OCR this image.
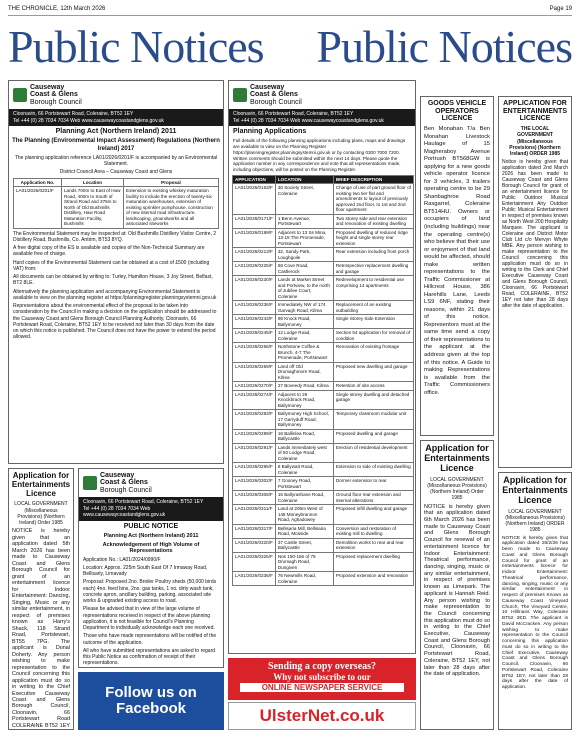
THE CHRONICLE, 12th March 2026	Page 19
Public Notices Public Notices
Causeway
Coast & Glens
Borough Council
Cloonavin, 66 Portstewart Road, Coleraine, BT52 1EY
Tel +44 (0) 28 7034 7034 Web www.causewaycoastandglens.gov.uk
Planning Act (Northern Ireland) 2011
The Planning (Environmental Impact Assessment) Regulations (Northern Ireland) 2017
The planning application reference LA01/2026/0201/F is accompanied by an Environmental Statement.
District Council Area – Causeway Coast and Glens
Application No.	Location	Proposal
LA01/2026/0201/F	Lands 700m to East of Haw Road, 400m to South of Strand Road and 375m to North of Old Bushmills Distillery, Haw Road Maturation Facility, Bushmills	Extension to existing whiskey maturation facility to include the erection of twenty-six maturation warehouses, extension of existing sprinkler pumphouse, construction of new internal road infrastructure, landscaping, groundworks and all associated siteworks
The Environmental Statement may be inspected at: Old Bushmills Distillery Visitor Centre, 2 Distillery Road, Bushmills, Co. Antrim, BT53 8YQ.
A free digital copy of the ES is available and copies of the Non-Technical Summary are available free of charge.
Hard copies of the Environmental Statement can be obtained at a cost of £500 (including VAT) from:
All documents can be obtained by writing to: Turley, Hamilton House, 3 Joy Street, Belfast, BT2 8LE.
Alternatively the planning application and accompanying Environmental Statement is available to view on the planning register at https://planningregister.planningsystemni.gov.uk
Representations about the environmental effect of the proposal to be taken into consideration by the Council in making a decision on the application should be addressed to the Causeway Coast and Glens Borough Council Planning Authority, Cloonavin, 66 Portstewart Road, Coleraine, BT52 1EY to be received not later than 30 days from the date on which this notice is published. The Council does not have the power to extend the period allowed.
Causeway
Coast & Glens
Borough Council
Cloonavin, 66 Portstewart Road, Coleraine, BT52 1EY
Tel +44 (0) 28 7034 7034 Web www.causewaycoastandglens.gov.uk
Planning Applications
Full details of the following planning applications including plans, maps and drawings are available to view on the Planning Register https://planningregister.planningsystemni.gov.uk or by contacting 0300 7000 7200. Written comments should be submitted within the next 14 days. Please quote the application number in any correspondence and note that all representations made, including objections, will be posted on the Planning Register.
APPLICATION	LOCATION	BRIEF DESCRIPTION
LA01/2026/0163/F	30 Society Street, Coleraine	Change of use of part ground floor of existing two tier flat and amendments to layout of previously approved 2nd floor, to 1st and 2nd floor apartment
LA01/2026/0171/F	1 Benn Avenue, Portstewart	Two storey side and rear extension and renovation of existing dwelling
LA01/2026/0199/F	Adjacent to 13 Ss Mina, 13-15 The Promenade, Portstewart	Proposed dwelling of reduced ridge height and single storey rear extension
LA01/2026/0213/F	32, Sandy Park, Loughguile	Rear extension including front porch
LA01/2026/0225/F	68 Cove Road, Castlerock	Retrospective replacement dwelling and garage
LA01/2026/0230/F	Lands at Market Street and Portview, to the north of Jubilee Court, Coleraine	Redevelopment to residential use comprising 14 apartments
LA01/2026/0236/F	Immediately NW of 174 Garvagh Road, Kilrea	Replacement of an existing outbuilding
LA01/2026/0243/F	98 Knock Road, Ballymoney	Single Storey Side Extension
LA01/2026/0245/F	12 Lodge Road, Coleraine	Section 54 application for removal of condition
LA01/2026/0256/F	Northstone Coffee & Brunch, 4-7 The Promenade, Portstewart	Renovation of existing frontage
LA01/2026/0259/F	Land off Old Drumaghmore Road, Kilrea	Proposed new dwelling and garage
LA01/2026/0270/F	27 Boveedy Road, Kilrea	Retention of site access
LA01/2026/0274/F	Adjacent to 29 Knockbrack Road, Ballymoney	Single storey dwelling and detached garage
LA01/2026/0283/F	Ballymoney High School, 17 Garryduff Road, Ballymoney	Temporary classroom modular unit
LA01/2026/0289/F	16 Ballinlea Road, Ballycastle	Proposed dwelling and garage
LA01/2026/0291/F	Lands immediately west of 50 Lodge Road, Coleraine	Erection of residential development
LA01/2026/0295/F	8 Ballywatt Road, Coleraine	Extension to side of existing dwelling
LA01/2026/0302/F	7 Gooney Road, Portstewart	Dormer extension to rear
LA01/2026/0308/F	16 Ballyrashane Road, Coleraine	Ground floor rear extension and internal alterations
LA01/2026/0311/F	Land at 206m West of 148 Moneybrannon Road, Aghadowey	Proposed infill dwelling and garage
LA01/2026/0317/F	Bellisaria Mill, Bellisaria Road, Mosside	Conversion and restoration of existing mill to dwelling
LA01/2026/0320/F	37 Castle Street, Ballycastle	Demolition works to rear and rear extension
LA01/2026/0325/F	Nos 150-156 of 79 Drumagh Road, Dungiven	Proposed replacement dwelling
LA01/2026/0336/F	76 Newmills Road, Coleraine	Proposed extension and renovation
GOODS VEHICLE OPERATORS LICENCE
Ben Monahan T/a Ben Monahan Livestock Haulage of 15 Magheraboy Avenue Portrush BT568GW is applying for a new goods vehicle operator licence for 3 vehicles, 3 trailers operating centre to be 29 Shanbaghroe Road Rasgarrel, Coleraine BT514HU. Owners or occupiers of land (including buildings) near the operating centre(s) who believe that their use or enjoyment of that land would be affected, should make written representations to the Traffic Commissioner at Hillcrest House, 386 Harehills Lane, Leeds LS9 6NF, stating their reasons, within 21 days of this notice. Representors must at the same time send a copy of their representations to the applicant at the address given at the top of this notice. A Guide to making Representations is available from the Traffic Commissioners office.
APPLICATION FOR ENTERTAINMENTS LICENCE
THE LOCAL GOVERNMENT (Miscellaneous Provisions) (Northern Ireland) ORDER 1985
Notice is hereby given that application dated 2nd March 2026 has been made to Causeway Coast and Glens Borough Council for grant of an entertainment licence for Public Outdoor Musical Entertainment Any Outdoor Public Musical Entertainment in respect of premises known as North West 200 Hospitality Marquee. The applicant is Coleraine and District Motor Club Ltd c/o Mervyn Whyte MBE. Any person wishing to make representation to the Council concerning this application must do so in writing to the Clerk and Chief Executive Causeway Coast and Glens Borough Council, Cloonavin, 66 Portstewart Road, COLERAINE, BT52 1EY not later than 28 days after the date of application.
Application for Entertainments Licence
LOCAL GOVERNMENT (Miscellaneous Provisions) (Northern Ireland) Order 1985
NOTICE is hereby given that an application dated 6th March 2026 has been made to Causeway Coast and Glens Borough Council for renewal of an entertainment licence for Indoor Entertainment: Theatrical performance, dancing, singing, music or any similar entertainment, in respect of premises known as Limepark. The applicant is Hannah Reid. Any person wishing to make representation to the Council concerning this application must do so in writing to the Chief Executive, Causeway Coast and Glens Borough Council, Cloonavin, 66 Portstewart Road, Coleraine, BT52 1EY, not later than 28 days after the date of application.
Application for Entertainments Licence
LOCAL GOVERNMENT (Miscellaneous Provisions) (Northern Ireland) ORDER 1985
NOTICE is hereby given that application dated 26/2/26 has been made to Causeway Coast and Glens Borough Council for grant of an entertainments licence for Indoor Entertainment: Theatrical performance, dancing, singing, music or any similar entertainment in respect of premises Known as Causeway Coast Vineyard Church, The Vineyard Centre, 10 Hillmans Way, Coleraine BT52 2ED. The applicant is David McCracken. Any person wishing to make representation to the Council concerning this application must do so in writing to the Chief Executive, Causeway Coast and Glens Borough Council, Cloonavin, 66 Portstewart Road, Coleraine BT52 1EY, not later than 28 days after the date of application.
Application for Entertainments Licence
LOCAL GOVERNMENT (Miscellaneous Provisions) (Northern Ireland) Order 1985
NOTICE is hereby given that an application dated 5th March 2026 has been made to Causeway Coast and Glens Borough Council for grant of an entertainment licence for Indoor Entertainment: Dancing, Singing, Music or any similar entertainment, in respect of premises known as Harry's Shack, 118 Strand Road, Portstewart, BT55 7PG. The applicant is Donal Doherty. Any person wishing to make representation to the Council concerning this application must do so in writing to the Chief Executive Causeway Coast and Glens Borough Council, Cloonavin, 66 Portstewart Road COLERAINE BT52 1EY
Causeway
Coast & Glens
Borough Council
Cloonavin, 66 Portstewart Road, Coleraine, BT52 1EY
Tel +44 (0) 28 7034 7034 Web www.causewaycoastandglens.gov.uk
PUBLIC NOTICE
Planning Act (Northern Ireland) 2011
Acknowledgement of High Volume of Representations
Application No.: LA01/2024/0990/F
Location: Approx. 225m South East Of 7 Irmaway Road, Bellisarly, Limavady
Proposal: Proposed 2no. Broiler Poultry sheds (50,000 birds each) 4no. feed bins, 2no. gas tanks, 1 no. dirty wash tank, concrete apron, ancillary building, parking, associated site works & upgraded existing access to road.
Please be advised that in view of the large volume of representations received in respect of the above planning application, it is not feasible for Council's Planning Department to individually acknowledge each one received.
Those who have made representations will be notified of the outcome of the application.
All who have submitted representations are asked to regard this Public Notice as confirmation of receipt of their representations.
Follow us on Facebook
Sending a copy overseas?
Why not subscribe to our
ONLINE NEWSPAPER SERVICE
UlsterNet.co.uk
